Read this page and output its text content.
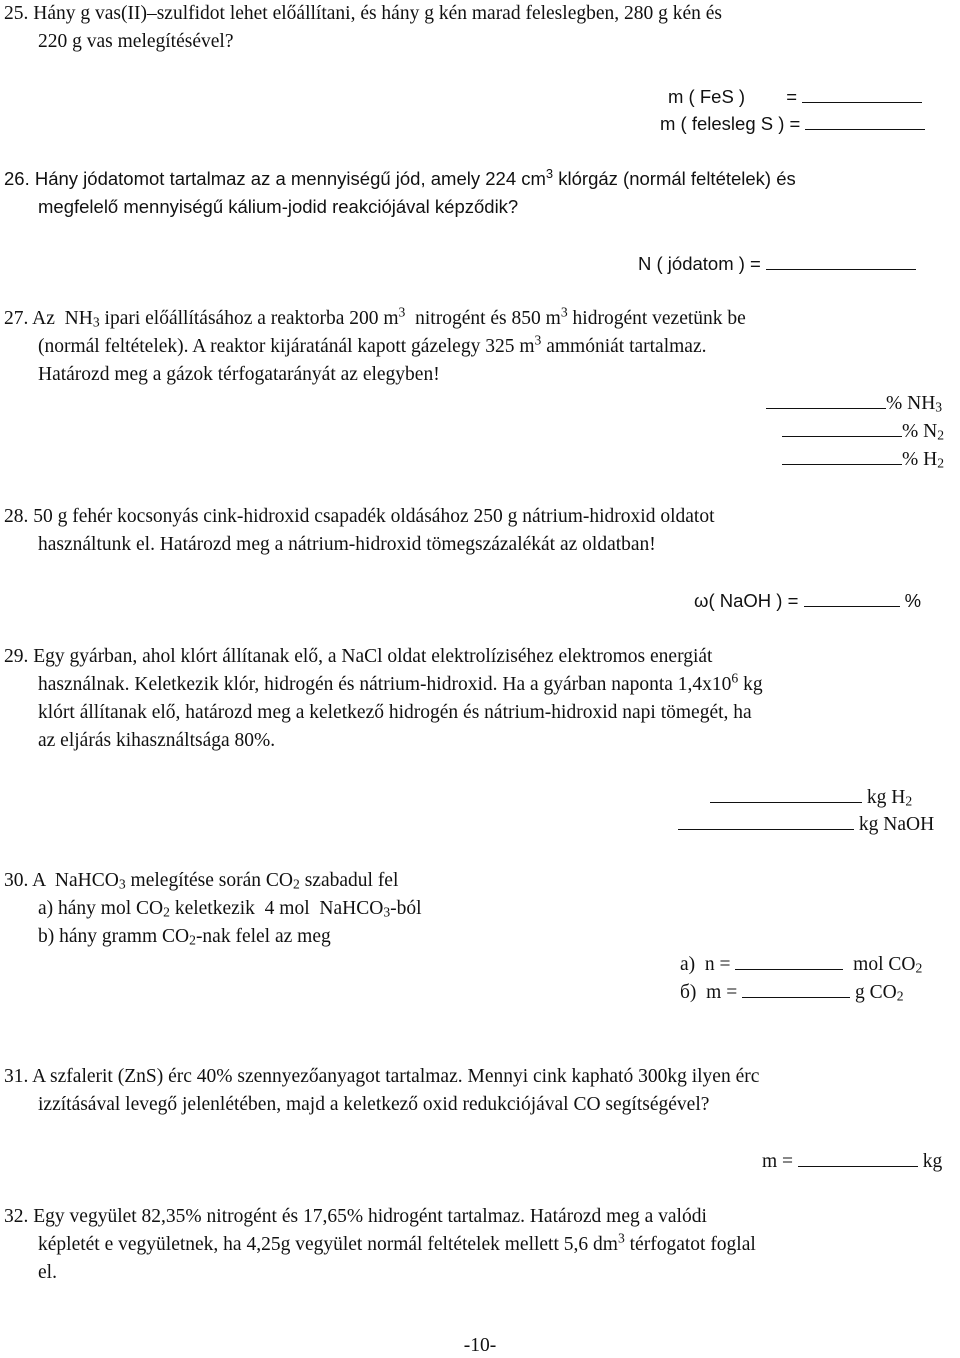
25. Hány g vas(II)–szulfidot lehet előállítani, és hány g kén marad feleslegben, 280 g kén és
220 g vas melegítésével?
m ( FeS )        =
m ( felesleg S ) =
26. Hány jódatomot tartalmaz az a mennyiségű jód, amely 224 $cm^3$ klórgáz (normál feltételek) és
megfelelő mennyiségű kálium-jodid reakciójával képződik?
N ( jódatom ) =
27. Az  $NH_3$ ipari előállításához a reaktorba 200 $m^3$  nitrogént és 850 $m^3$ hidrogént vezetünk be
(normál feltételek). A reaktor kijáratánál kapott gázelegy 325 $m^3$ ammóniát tartalmaz.
Határozd meg a gázok térfogatarányát az elegyben!
% $NH_3$
% $N_2$
% $H_2$
28. 50 g fehér kocsonyás cink-hidroxid csapadék oldásához 250 g nátrium-hidroxid oldatot
használtunk el. Határozd meg a nátrium-hidroxid tömegszázalékát az oldatban!
ω( NaOH ) =	%
29. Egy gyárban, ahol klórt állítanak elő, a NaCl oldat elektrolíziséhez elektromos energiát
használnak. Keletkezik klór, hidrogén és nátrium-hidroxid. Ha a gyárban naponta $1,4x10^6$ kg
klórt állítanak elő, határozd meg a keletkező hidrogén és nátrium-hidroxid napi tömegét, ha
az eljárás kihasználtsága 80%.
kg $H_2$
kg NaOH
30. A  NaHCO$_3$ melegítése során $CO_2$ szabadul fel
a) hány mol $CO_2$ keletkezik  4 mol  NaHCO$_3$-ból
b) hány gramm $CO_2$-nak felel az meg
a)  n =	mol $CO_2$
б)  m =	g $CO_2$
31. A szfalerit (ZnS) érc 40% szennyezőanyagot tartalmaz. Mennyi cink kapható 300kg ilyen érc
izzításával levegő jelenlétében, majd a keletkező oxid redukciójával CO segítségével?
m =	kg
32. Egy vegyület 82,35% nitrogént és 17,65% hidrogént tartalmaz. Határozd meg a valódi
képletét e vegyületnek, ha 4,25g vegyület normál feltételek mellett 5,6 $dm^3$ térfogatot foglal
el.
-10-
